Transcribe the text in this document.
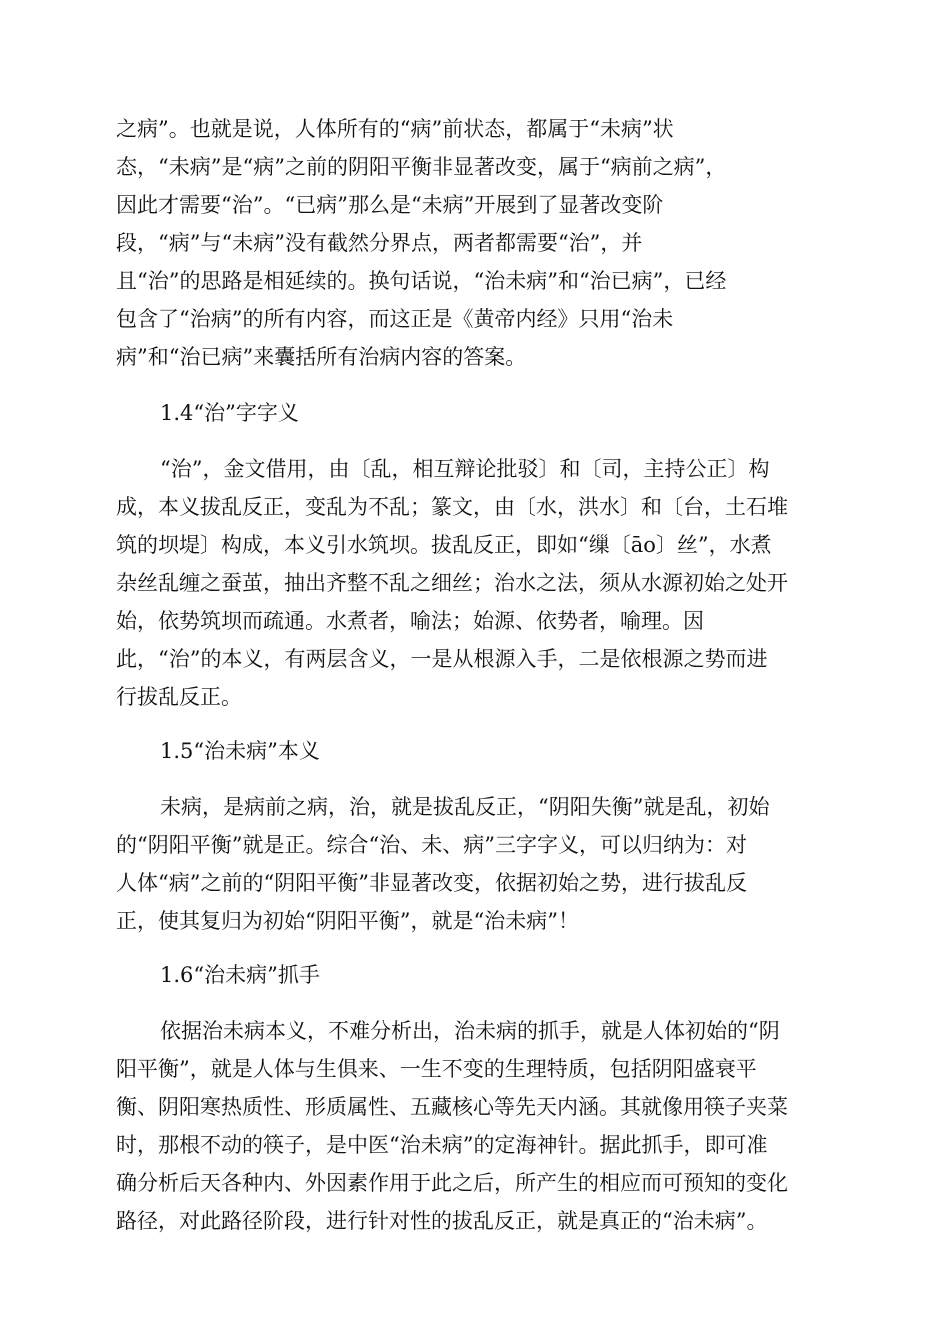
之病”。也就是说，人体所有的“病”前状态，都属于“未病”状

态，“未病”是“病”之前的阴阳平衡非显著改变，属于“病前之病”，

因此才需要“治”。“已病”那么是“未病”开展到了显著改变阶

段，“病”与“未病”没有截然分界点，两者都需要“治”，并

且“治”的思路是相延续的。换句话说，“治未病”和“治已病”，已经

包含了“治病”的所有内容，而这正是《黄帝内经》只用“治未

病”和“治已病”来囊括所有治病内容的答案。

1.4“治”字字义

“治”，金文借用，由〔乱，相互辩论批驳〕和〔司，主持公正〕构

成，本义拔乱反正，变乱为不乱；篆文，由〔水，洪水〕和〔台，土石堆

筑的坝堤〕构成，本义引水筑坝。拔乱反正，即如“缫〔āo〕丝”，水煮

杂丝乱缠之蚕茧，抽出齐整不乱之细丝；治水之法，须从水源初始之处开

始，依势筑坝而疏通。水煮者，喻法；始源、依势者，喻理。因

此，“治”的本义，有两层含义，一是从根源入手，二是依根源之势而进

行拔乱反正。

1.5“治未病”本义

未病，是病前之病，治，就是拔乱反正，“阴阳失衡”就是乱，初始

的“阴阳平衡”就是正。综合“治、未、病”三字字义，可以归纳为：对

人体“病”之前的“阴阳平衡”非显著改变，依据初始之势，进行拔乱反

正，使其复归为初始“阴阳平衡”，就是“治未病”！

1.6“治未病”抓手

依据治未病本义，不难分析出，治未病的抓手，就是人体初始的“阴

阳平衡”，就是人体与生俱来、一生不变的生理特质，包括阴阳盛衰平

衡、阴阳寒热质性、形质属性、五藏核心等先天内涵。其就像用筷子夹菜

时，那根不动的筷子，是中医“治未病”的定海神针。据此抓手，即可准

确分析后天各种内、外因素作用于此之后，所产生的相应而可预知的变化

路径，对此路径阶段，进行针对性的拔乱反正，就是真正的“治未病”。
